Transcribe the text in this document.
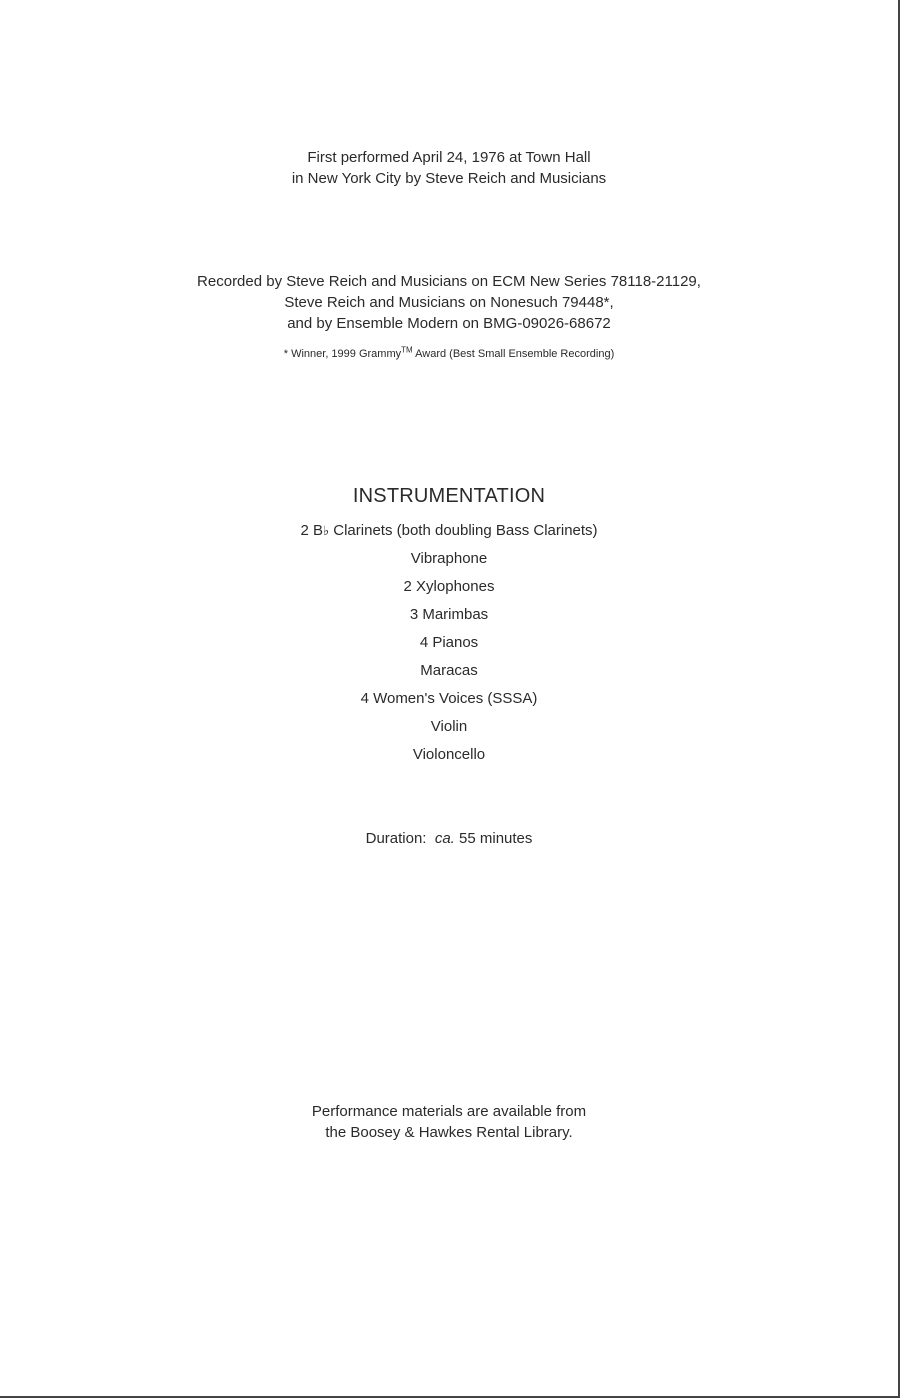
First performed April 24, 1976 at Town Hall
in New York City by Steve Reich and Musicians
Recorded by Steve Reich and Musicians on ECM New Series 78118-21129,
Steve Reich and Musicians on Nonesuch 79448*,
and by Ensemble Modern on BMG-09026-68672
* Winner, 1999 Grammy™ Award (Best Small Ensemble Recording)
INSTRUMENTATION
2 B♭ Clarinets (both doubling Bass Clarinets)
Vibraphone
2 Xylophones
3 Marimbas
4 Pianos
Maracas
4 Women's Voices (SSSA)
Violin
Violoncello
Duration: ca. 55 minutes
Performance materials are available from
the Boosey & Hawkes Rental Library.
